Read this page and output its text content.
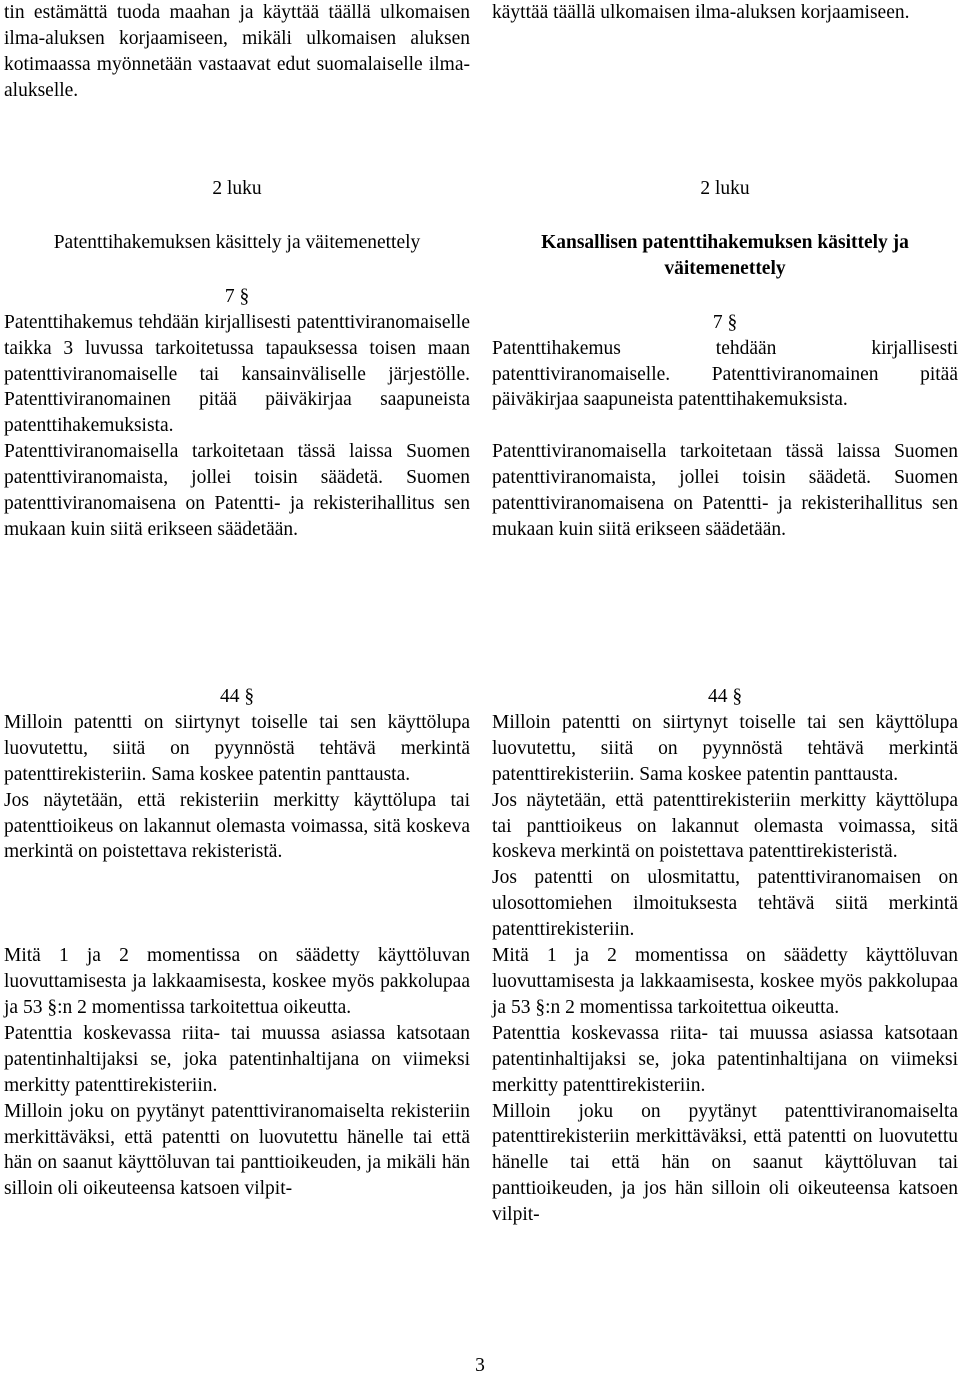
tin estämättä tuoda maahan ja käyttää täällä ulkomaisen ilma-aluksen korjaamiseen, mikäli ulkomaisen aluksen kotimaassa myönnetään vastaavat edut suomalaiselle ilma-alukselle.

käyttää täällä ulkomaisen ilma-aluksen korjaamiseen.

2 luku

Patenttihakemuksen käsittely ja väitemenettely

7 §

Patenttihakemus tehdään kirjallisesti patenttiviranomaiselle taikka 3 luvussa tarkoitetussa tapauksessa toisen maan patenttiviranomaiselle tai kansainväliselle järjestölle. Patenttiviranomainen pitää päiväkirjaa saapuneista patenttihakemuksista.

Patenttiviranomaisella tarkoitetaan tässä laissa Suomen patenttiviranomaista, jollei toisin säädetä. Suomen patenttiviranomaisena on Patentti- ja rekisterihallitus sen mukaan kuin siitä erikseen säädetään.

2 luku

Kansallisen patenttihakemuksen käsittely ja väitemenettely

7 §

Patenttihakemus tehdään kirjallisesti patenttiviranomaiselle. Patenttiviranomainen pitää päiväkirjaa saapuneista patenttihakemuksista.

Patenttiviranomaisella tarkoitetaan tässä laissa Suomen patenttiviranomaista, jollei toisin säädetä. Suomen patenttiviranomaisena on Patentti- ja rekisterihallitus sen mukaan kuin siitä erikseen säädetään.

44 §

Milloin patentti on siirtynyt toiselle tai sen käyttölupa luovutettu, siitä on pyynnöstä tehtävä merkintä patenttirekisteriin. Sama koskee patentin panttausta.

Jos näytetään, että rekisteriin merkitty käyttölupa tai patenttioikeus on lakannut olemasta voimassa, sitä koskeva merkintä on poistettava rekisteristä.

Mitä 1 ja 2 momentissa on säädetty käyttöluvan luovuttamisesta ja lakkaamisesta, koskee myös pakkolupaa ja 53 §:n 2 momentissa tarkoitettua oikeutta.

Patenttia koskevassa riita- tai muussa asiassa katsotaan patentinhaltijaksi se, joka patentinhaltijana on viimeksi merkitty patenttirekisteriin.

Milloin joku on pyytänyt patenttiviranomaiselta rekisteriin merkittäväksi, että patentti on luovutettu hänelle tai että hän on saanut käyttöluvan tai panttioikeuden, ja mikäli hän silloin oli oikeuteensa katsoen vilpit-

44 §

Milloin patentti on siirtynyt toiselle tai sen käyttölupa luovutettu, siitä on pyynnöstä tehtävä merkintä patenttirekisteriin. Sama koskee patentin panttausta.

Jos näytetään, että patenttirekisteriin merkitty käyttölupa tai panttioikeus on lakannut olemasta voimassa, sitä koskeva merkintä on poistettava patenttirekisteristä.

Jos patentti on ulosmitattu, patenttiviranomaisen on ulosottomiehen ilmoituksesta tehtävä siitä merkintä patenttirekisteriin.

Mitä 1 ja 2 momentissa on säädetty käyttöluvan luovuttamisesta ja lakkaamisesta, koskee myös pakkolupaa ja 53 §:n 2 momentissa tarkoitettua oikeutta.

Patenttia koskevassa riita- tai muussa asiassa katsotaan patentinhaltijaksi se, joka patentinhaltijana on viimeksi merkitty patenttirekisteriin.

Milloin joku on pyytänyt patenttiviranomaiselta patenttirekisteriin merkittäväksi, että patentti on luovutettu hänelle tai että hän on saanut käyttöluvan tai panttioikeuden, ja jos hän silloin oli oikeuteensa katsoen vilpit-

3
